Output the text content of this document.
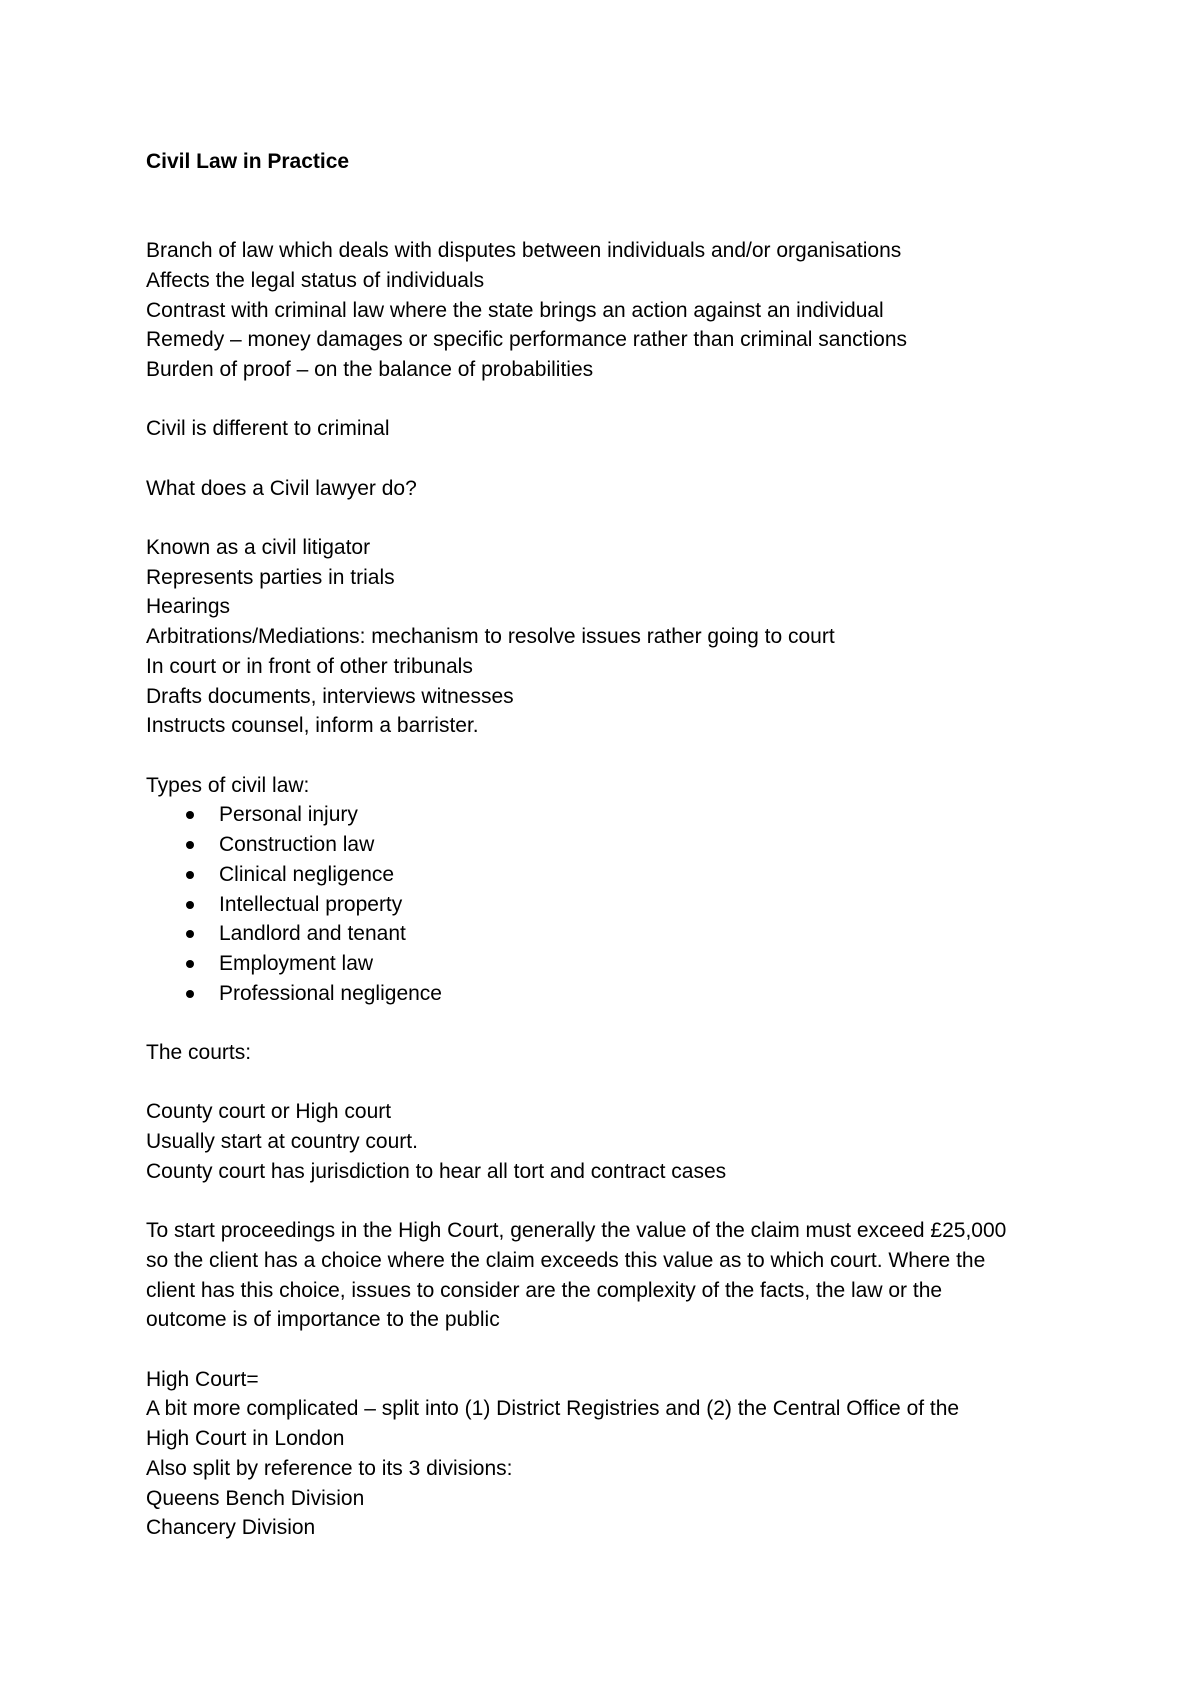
Civil Law in Practice
Branch of law which deals with disputes between individuals and/or organisations
Affects the legal status of individuals
Contrast with criminal law where the state brings an action against an individual
Remedy – money damages or specific performance rather than criminal sanctions
Burden of proof – on the balance of probabilities
Civil is different to criminal
What does a Civil lawyer do?
Known as a civil litigator
Represents parties in trials
Hearings
Arbitrations/Mediations: mechanism to resolve issues rather going to court
In court or in front of other tribunals
Drafts documents, interviews witnesses
Instructs counsel, inform a barrister.
Types of civil law:
Personal injury
Construction law
Clinical negligence
Intellectual property
Landlord and tenant
Employment law
Professional negligence
The courts:
County court or High court
Usually start at country court.
County court has jurisdiction to hear all tort and contract cases
To start proceedings in the High Court, generally the value of the claim must exceed £25,000
so the client has a choice where the claim exceeds this value as to which court. Where the
client has this choice, issues to consider are the complexity of the facts, the law or the
outcome is of importance to the public
High Court=
A bit more complicated – split into (1) District Registries and (2) the Central Office of the
High Court in London
Also split by reference to its 3 divisions:
Queens Bench Division
Chancery Division
